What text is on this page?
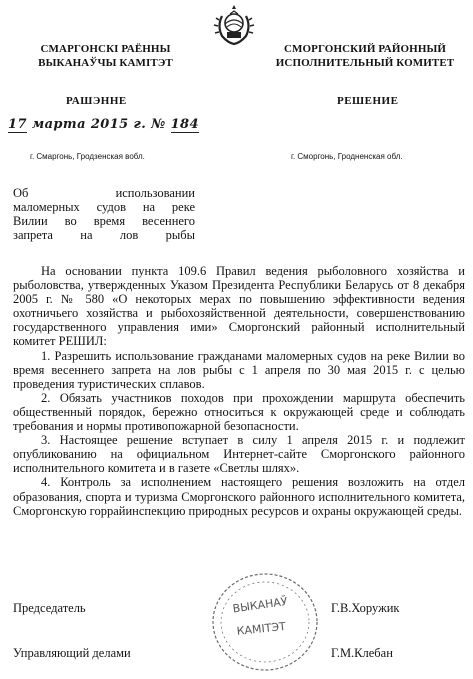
СМАРГОНСКІ РАЁННЫ
ВЫКАНАЎЧЫ КАМІТЭТ
СМОРГОНСКИЙ РАЙОННЫЙ
ИСПОЛНИТЕЛЬНЫЙ КОМИТЕТ
РАШЭННЕ	РЕШЕНИЕ
17 марта 2015 г. № 184
г. Смаргонь, Гродзенская вобл.	г. Сморгонь, Гродненская обл.
Об использовании
маломерных судов на реке
Вилии во время весеннего
запрета на лов рыбы

На основании пункта 109.6 Правил ведения рыболовного хозяйства и рыболовства, утвержденных Указом Президента Республики Беларусь от 8 декабря 2005 г. № 580 «О некоторых мерах по повышению эффективности ведения охотничьего хозяйства и рыбохозяйственной деятельности, совершенствованию государственного управления ими» Сморгонский районный исполнительный комитет РЕШИЛ:

1. Разрешить использование гражданами маломерных судов на реке Вилии во время весеннего запрета на лов рыбы с 1 апреля по 30 мая 2015 г. с целью проведения туристических сплавов.

2. Обязать участников походов при прохождении маршрута обеспечить общественный порядок, бережно относиться к окружающей среде и соблюдать требования и нормы противопожарной безопасности.

3. Настоящее решение вступает в силу 1 апреля 2015 г. и подлежит опубликованию на официальном Интернет-сайте Сморгонского районного исполнительного комитета и в газете «Светлы шлях».

4. Контроль за исполнением настоящего решения возложить на отдел образования, спорта и туризма Сморгонского районного исполнительного комитета, Сморгонскую горрайинспекцию природных ресурсов и охраны окружающей среды.

ВЫКАНАЎ
КАМІТЭТ
Председатель	Г.В.Хоружик
Управляющий делами	Г.М.Клебан
